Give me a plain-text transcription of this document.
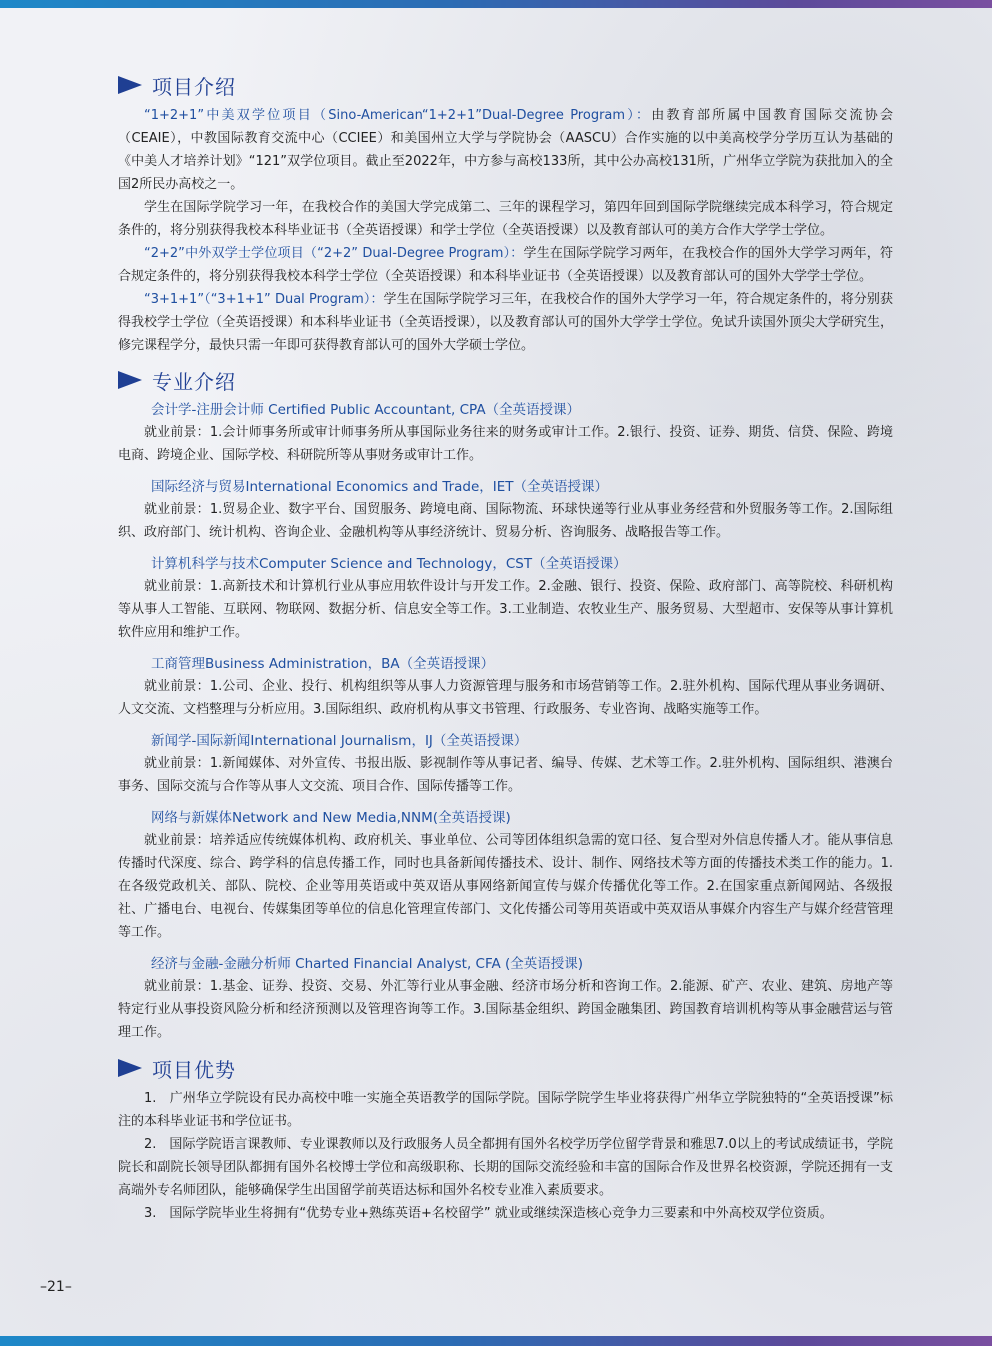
项目介绍

“1+2+1”中美双学位项目（Sino-American“1+2+1”Dual-Degree Program）：由教育部所属中国教育国际交流协会（CEAIE），中教国际教育交流中心（CCIEE）和美国州立大学与学院协会（AASCU）合作实施的以中美高校学分学历互认为基础的《中美人才培养计划》“121”双学位项目。截止至2022年，中方参与高校133所，其中公办高校131所，广州华立学院为获批加入的全国2所民办高校之一。

学生在国际学院学习一年，在我校合作的美国大学完成第二、三年的课程学习，第四年回到国际学院继续完成本科学习，符合规定条件的，将分别获得我校本科毕业证书（全英语授课）和学士学位（全英语授课）以及教育部认可的美方合作大学学士学位。

“2+2”中外双学士学位项目（“2+2” Dual-Degree Program）：学生在国际学院学习两年，在我校合作的国外大学学习两年，符合规定条件的，将分别获得我校本科学士学位（全英语授课）和本科毕业证书（全英语授课）以及教育部认可的国外大学学士学位。

“3+1+1”（“3+1+1” Dual Program）：学生在国际学院学习三年，在我校合作的国外大学学习一年，符合规定条件的，将分别获得我校学士学位（全英语授课）和本科毕业证书（全英语授课），以及教育部认可的国外大学学士学位。免试升读国外顶尖大学研究生，修完课程学分，最快只需一年即可获得教育部认可的国外大学硕士学位。

专业介绍
会计学-注册会计师 Certified Public Accountant, CPA（全英语授课）

就业前景：1.会计师事务所或审计师事务所从事国际业务往来的财务或审计工作。2.银行、投资、证券、期货、信贷、保险、跨境电商、跨境企业、国际学校、科研院所等从事财务或审计工作。

国际经济与贸易International Economics and Trade，IET（全英语授课）

就业前景：1.贸易企业、数字平台、国贸服务、跨境电商、国际物流、环球快递等行业从事业务经营和外贸服务等工作。2.国际组织、政府部门、统计机构、咨询企业、金融机构等从事经济统计、贸易分析、咨询服务、战略报告等工作。

计算机科学与技术Computer Science and Technology，CST（全英语授课）

就业前景：1.高新技术和计算机行业从事应用软件设计与开发工作。2.金融、银行、投资、保险、政府部门、高等院校、科研机构等从事人工智能、互联网、物联网、数据分析、信息安全等工作。3.工业制造、农牧业生产、服务贸易、大型超市、安保等从事计算机软件应用和维护工作。

工商管理Business Administration，BA（全英语授课）

就业前景：1.公司、企业、投行、机构组织等从事人力资源管理与服务和市场营销等工作。2.驻外机构、国际代理从事业务调研、人文交流、文档整理与分析应用。3.国际组织、政府机构从事文书管理、行政服务、专业咨询、战略实施等工作。

新闻学-国际新闻International Journalism，IJ（全英语授课）

就业前景：1.新闻媒体、对外宣传、书报出版、影视制作等从事记者、编导、传媒、艺术等工作。2.驻外机构、国际组织、港澳台事务、国际交流与合作等从事人文交流、项目合作、国际传播等工作。

网络与新媒体Network and New Media,NNM(全英语授课)

就业前景：培养适应传统媒体机构、政府机关、事业单位、公司等团体组织急需的宽口径、复合型对外信息传播人才。能从事信息传播时代深度、综合、跨学科的信息传播工作，同时也具备新闻传播技术、设计、制作、网络技术等方面的传播技术类工作的能力。1.在各级党政机关、部队、院校、企业等用英语或中英双语从事网络新闻宣传与媒介传播优化等工作。2.在国家重点新闻网站、各级报社、广播电台、电视台、传媒集团等单位的信息化管理宣传部门、文化传播公司等用英语或中英双语从事媒介内容生产与媒介经营管理等工作。

经济与金融-金融分析师 Charted Financial Analyst, CFA (全英语授课)

就业前景：1.基金、证券、投资、交易、外汇等行业从事金融、经济市场分析和咨询工作。2.能源、矿产、农业、建筑、房地产等特定行业从事投资风险分析和经济预测以及管理咨询等工作。3.国际基金组织、跨国金融集团、跨国教育培训机构等从事金融营运与管理工作。

项目优势

1.　广州华立学院设有民办高校中唯一实施全英语教学的国际学院。国际学院学生毕业将获得广州华立学院独特的“全英语授课”标注的本科毕业证书和学位证书。

2.　国际学院语言课教师、专业课教师以及行政服务人员全都拥有国外名校学历学位留学背景和雅思7.0以上的考试成绩证书，学院院长和副院长领导团队都拥有国外名校博士学位和高级职称、长期的国际交流经验和丰富的国际合作及世界名校资源，学院还拥有一支高端外专名师团队，能够确保学生出国留学前英语达标和国外名校专业准入素质要求。

3.　国际学院毕业生将拥有“优势专业+熟练英语+名校留学” 就业或继续深造核心竞争力三要素和中外高校双学位资质。

–21–
